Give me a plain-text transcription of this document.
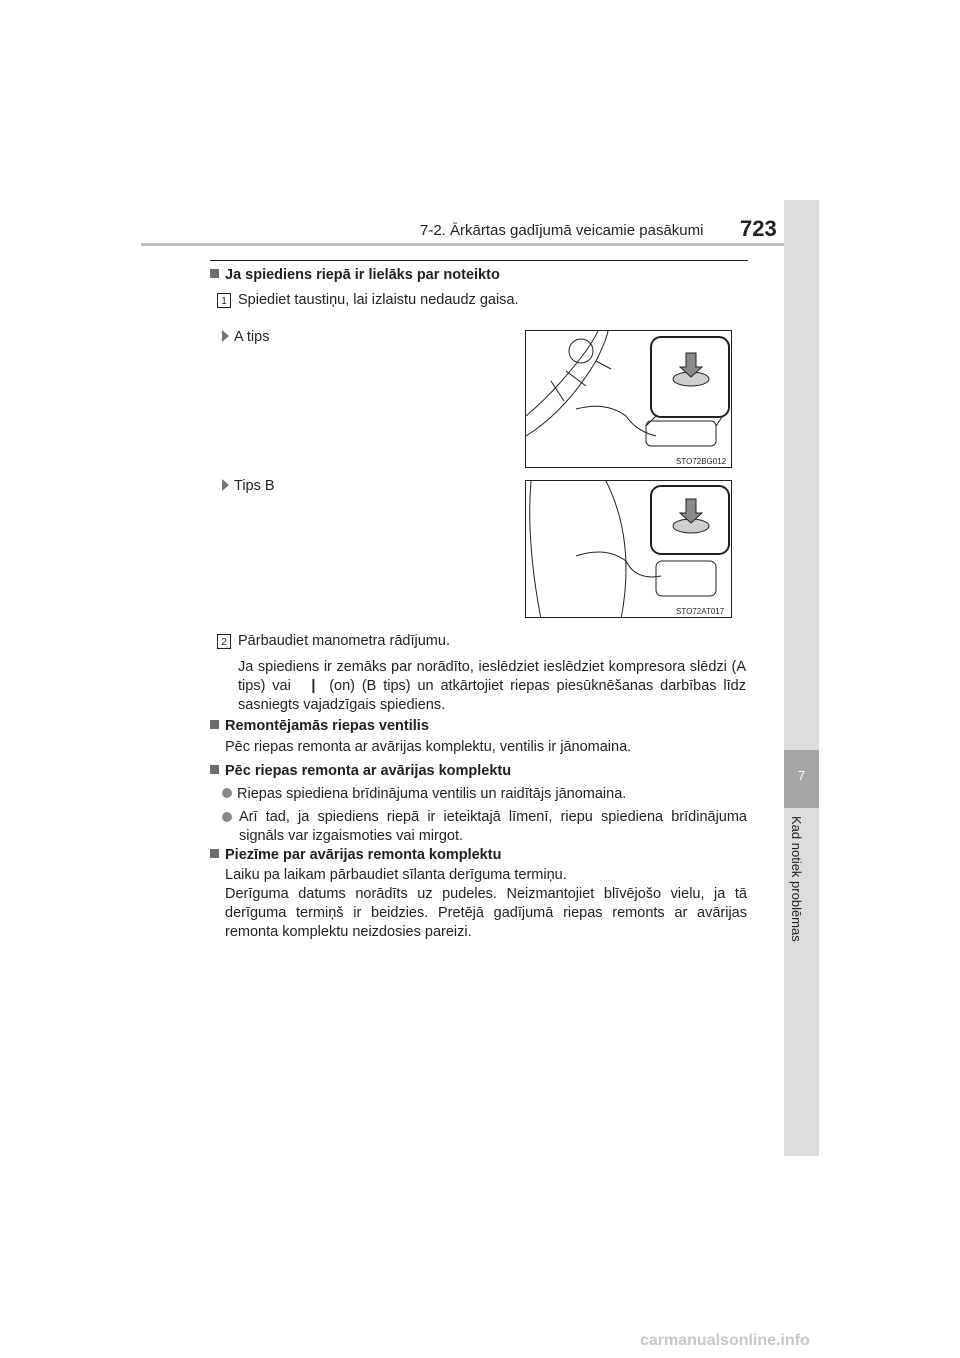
7-2. Ārkārtas gadījumā veicamie pasākumi 723
7
Kad notiek problēmas
Ja spiediens riepā ir lielāks par noteikto
1 Spiediet taustiņu, lai izlaistu nedaudz gaisa.
A tips
STO72BG012
Tips B
STO72AT017
2 Pārbaudiet manometra rādījumu.
Ja spiediens ir zemāks par norādīto, ieslēdziet ieslēdziet kompresora slēdzi (A tips) vai | (on) (B tips) un atkārtojiet riepas piesūknēšanas darbības līdz sasniegts vajadzīgais spiediens.
Remontējamās riepas ventilis
Pēc riepas remonta ar avārijas komplektu, ventilis ir jānomaina.
Pēc riepas remonta ar avārijas komplektu
Riepas spiediena brīdinājuma ventilis un raidītājs jānomaina.
Arī tad, ja spiediens riepā ir ieteiktajā līmenī, riepu spiediena brīdinājuma signāls var izgaismoties vai mirgot.
Piezīme par avārijas remonta komplektu
Laiku pa laikam pārbaudiet sīlanta derīguma termiņu.
Derīguma datums norādīts uz pudeles. Neizmantojiet blīvējošo vielu, ja tā derīguma termiņš ir beidzies. Pretējā gadījumā riepas remonts ar avārijas remonta komplektu neizdosies pareizi.
carmanualsonline.info
